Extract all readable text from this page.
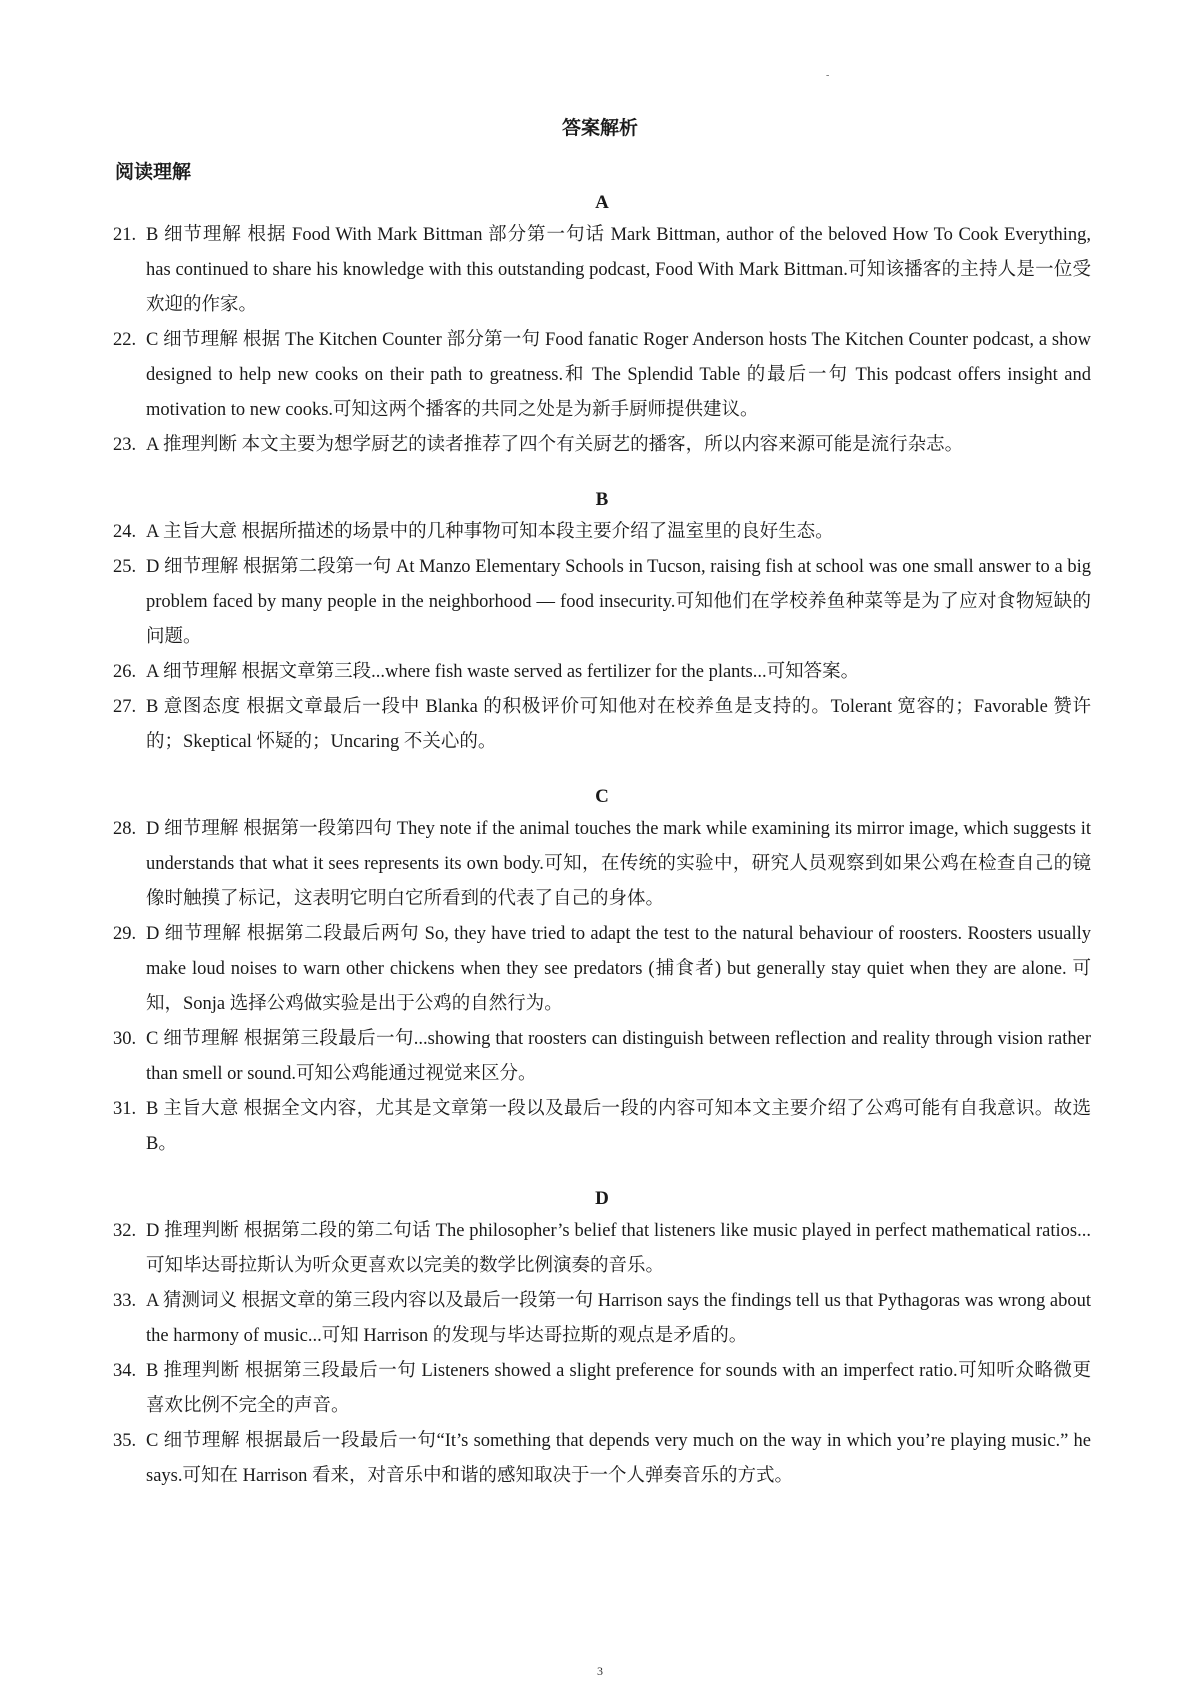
-
答案解析
阅读理解
A
21. B 细节理解 根据 Food With Mark Bittman 部分第一句话 Mark Bittman, author of the beloved How To Cook Everything, has continued to share his knowledge with this outstanding podcast, Food With Mark Bittman.可知该播客的主持人是一位受欢迎的作家。
22. C 细节理解 根据 The Kitchen Counter 部分第一句 Food fanatic Roger Anderson hosts The Kitchen Counter podcast, a show designed to help new cooks on their path to greatness.和 The Splendid Table 的最后一句 This podcast offers insight and motivation to new cooks.可知这两个播客的共同之处是为新手厨师提供建议。
23. A 推理判断 本文主要为想学厨艺的读者推荐了四个有关厨艺的播客，所以内容来源可能是流行杂志。
B
24. A 主旨大意 根据所描述的场景中的几种事物可知本段主要介绍了温室里的良好生态。
25. D 细节理解 根据第二段第一句 At Manzo Elementary Schools in Tucson, raising fish at school was one small answer to a big problem faced by many people in the neighborhood — food insecurity.可知他们在学校养鱼种菜等是为了应对食物短缺的问题。
26. A 细节理解 根据文章第三段...where fish waste served as fertilizer for the plants...可知答案。
27. B 意图态度 根据文章最后一段中 Blanka 的积极评价可知他对在校养鱼是支持的。Tolerant 宽容的；Favorable 赞许的；Skeptical 怀疑的；Uncaring 不关心的。
C
28. D 细节理解 根据第一段第四句 They note if the animal touches the mark while examining its mirror image, which suggests it understands that what it sees represents its own body.可知，在传统的实验中，研究人员观察到如果公鸡在检查自己的镜像时触摸了标记，这表明它明白它所看到的代表了自己的身体。
29. D 细节理解 根据第二段最后两句 So, they have tried to adapt the test to the natural behaviour of roosters. Roosters usually make loud noises to warn other chickens when they see predators (捕食者) but generally stay quiet when they are alone. 可知，Sonja 选择公鸡做实验是出于公鸡的自然行为。
30. C 细节理解 根据第三段最后一句...showing that roosters can distinguish between reflection and reality through vision rather than smell or sound.可知公鸡能通过视觉来区分。
31. B 主旨大意 根据全文内容，尤其是文章第一段以及最后一段的内容可知本文主要介绍了公鸡可能有自我意识。故选 B。
D
32. D 推理判断 根据第二段的第二句话 The philosopher’s belief that listeners like music played in perfect mathematical ratios...可知毕达哥拉斯认为听众更喜欢以完美的数学比例演奏的音乐。
33. A 猜测词义 根据文章的第三段内容以及最后一段第一句 Harrison says the findings tell us that Pythagoras was wrong about the harmony of music...可知 Harrison 的发现与毕达哥拉斯的观点是矛盾的。
34. B 推理判断 根据第三段最后一句 Listeners showed a slight preference for sounds with an imperfect ratio.可知听众略微更喜欢比例不完全的声音。
35. C 细节理解 根据最后一段最后一句“It’s something that depends very much on the way in which you’re playing music.” he says.可知在 Harrison 看来，对音乐中和谐的感知取决于一个人弹奏音乐的方式。
3
